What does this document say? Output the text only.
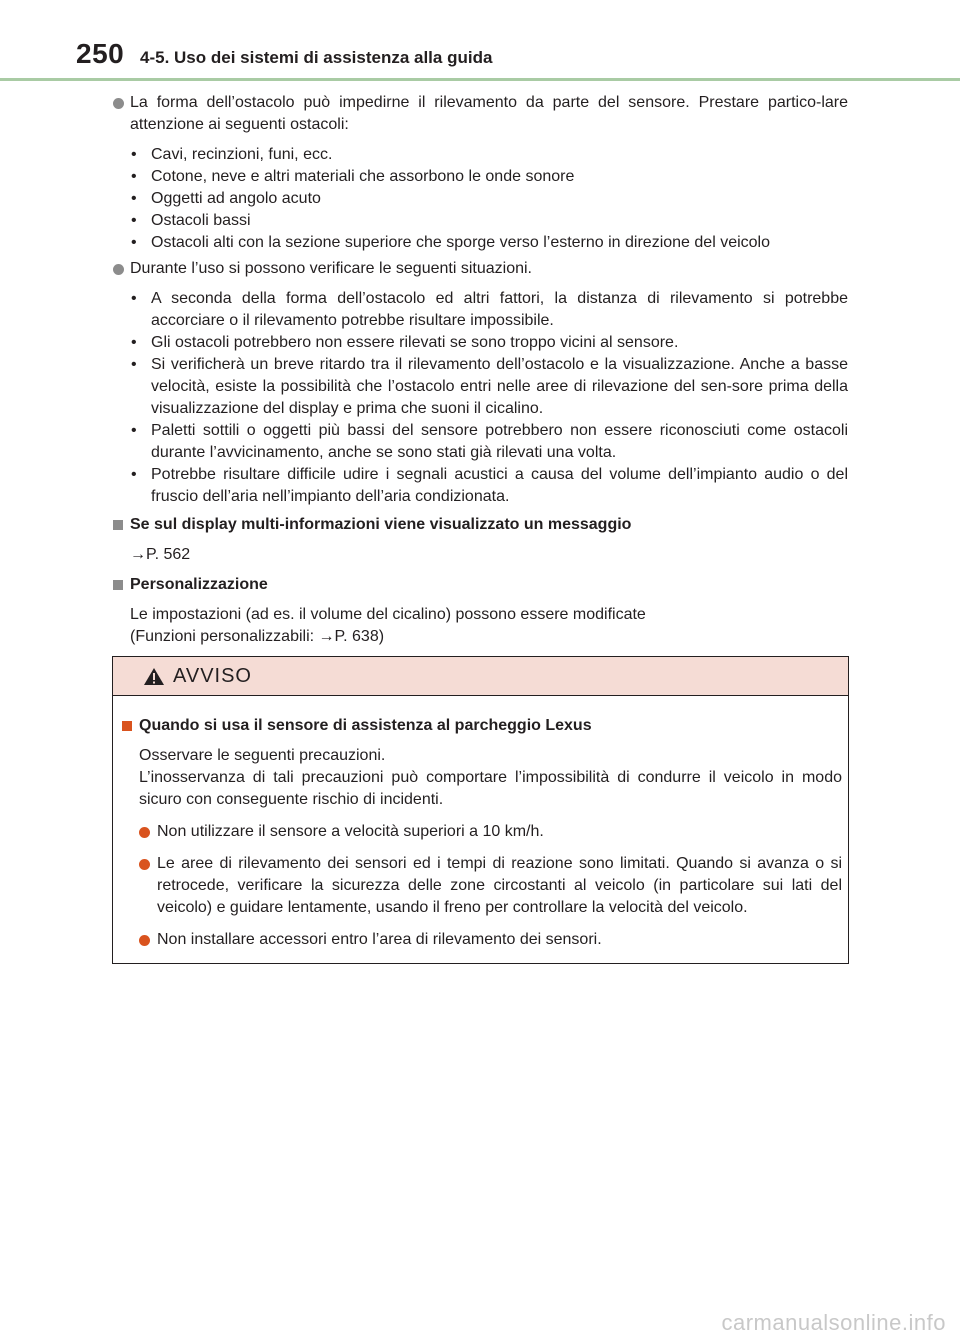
250 4-5. Uso dei sistemi di assistenza alla guida
La forma dell’ostacolo può impedirne il rilevamento da parte del sensore. Prestare partico-lare attenzione ai seguenti ostacoli:
• Cavi, recinzioni, funi, ecc.
• Cotone, neve e altri materiali che assorbono le onde sonore
• Oggetti ad angolo acuto
• Ostacoli bassi
• Ostacoli alti con la sezione superiore che sporge verso l’esterno in direzione del veicolo
Durante l’uso si possono verificare le seguenti situazioni.
• A seconda della forma dell’ostacolo ed altri fattori, la distanza di rilevamento si potrebbe accorciare o il rilevamento potrebbe risultare impossibile.
• Gli ostacoli potrebbero non essere rilevati se sono troppo vicini al sensore.
• Si verificherà un breve ritardo tra il rilevamento dell’ostacolo e la visualizzazione. Anche a basse velocità, esiste la possibilità che l’ostacolo entri nelle aree di rilevazione del sen-sore prima della visualizzazione del display e prima che suoni il cicalino.
• Paletti sottili o oggetti più bassi del sensore potrebbero non essere riconosciuti come ostacoli durante l’avvicinamento, anche se sono stati già rilevati una volta.
• Potrebbe risultare difficile udire i segnali acustici a causa del volume dell’impianto audio o del fruscio dell’aria nell’impianto dell’aria condizionata.
Se sul display multi-informazioni viene visualizzato un messaggio
→P. 562
Personalizzazione
Le impostazioni (ad es. il volume del cicalino) possono essere modificate
(Funzioni personalizzabili: →P. 638)
AVVISO
Quando si usa il sensore di assistenza al parcheggio Lexus
Osservare le seguenti precauzioni.
L’inosservanza di tali precauzioni può comportare l’impossibilità di condurre il veicolo in modo sicuro con conseguente rischio di incidenti.
Non utilizzare il sensore a velocità superiori a 10 km/h.
Le aree di rilevamento dei sensori ed i tempi di reazione sono limitati. Quando si avanza o si retrocede, verificare la sicurezza delle zone circostanti al veicolo (in particolare sui lati del veicolo) e guidare lentamente, usando il freno per controllare la velocità del veicolo.
Non installare accessori entro l’area di rilevamento dei sensori.
carmanualsonline.info
